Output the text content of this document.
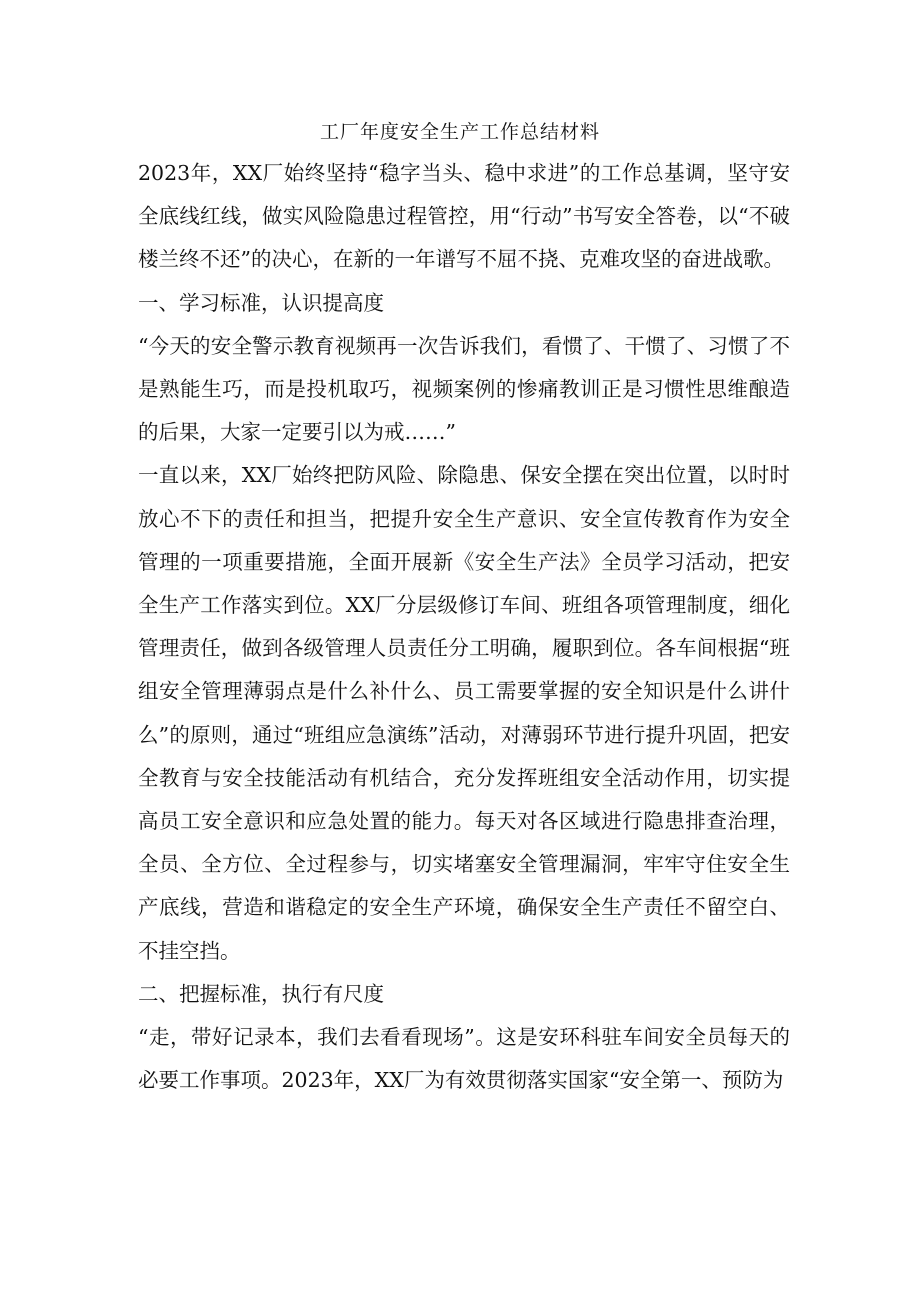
工厂年度安全生产工作总结材料

2023年，XX厂始终坚持“稳字当头、稳中求进”的工作总基调，坚守安全底线红线，做实风险隐患过程管控，用“行动”书写安全答卷，以“不破楼兰终不还”的决心，在新的一年谱写不屈不挠、克难攻坚的奋进战歌。

一、学习标准，认识提高度

“今天的安全警示教育视频再一次告诉我们，看惯了、干惯了、习惯了不是熟能生巧，而是投机取巧，视频案例的惨痛教训正是习惯性思维酿造的后果，大家一定要引以为戒……”

一直以来，XX厂始终把防风险、除隐患、保安全摆在突出位置，以时时放心不下的责任和担当，把提升安全生产意识、安全宣传教育作为安全管理的一项重要措施，全面开展新《安全生产法》全员学习活动，把安全生产工作落实到位。XX厂分层级修订车间、班组各项管理制度，细化管理责任，做到各级管理人员责任分工明确，履职到位。各车间根据“班组安全管理薄弱点是什么补什么、员工需要掌握的安全知识是什么讲什么”的原则，通过“班组应急演练”活动，对薄弱环节进行提升巩固，把安全教育与安全技能活动有机结合，充分发挥班组安全活动作用，切实提高员工安全意识和应急处置的能力。每天对各区域进行隐患排查治理，全员、全方位、全过程参与，切实堵塞安全管理漏洞，牢牢守住安全生产底线，营造和谐稳定的安全生产环境，确保安全生产责任不留空白、不挂空挡。

二、把握标准，执行有尺度

“走，带好记录本，我们去看看现场”。这是安环科驻车间安全员每天的必要工作事项。2023年，XX厂为有效贯彻落实国家“安全第一、预防为
